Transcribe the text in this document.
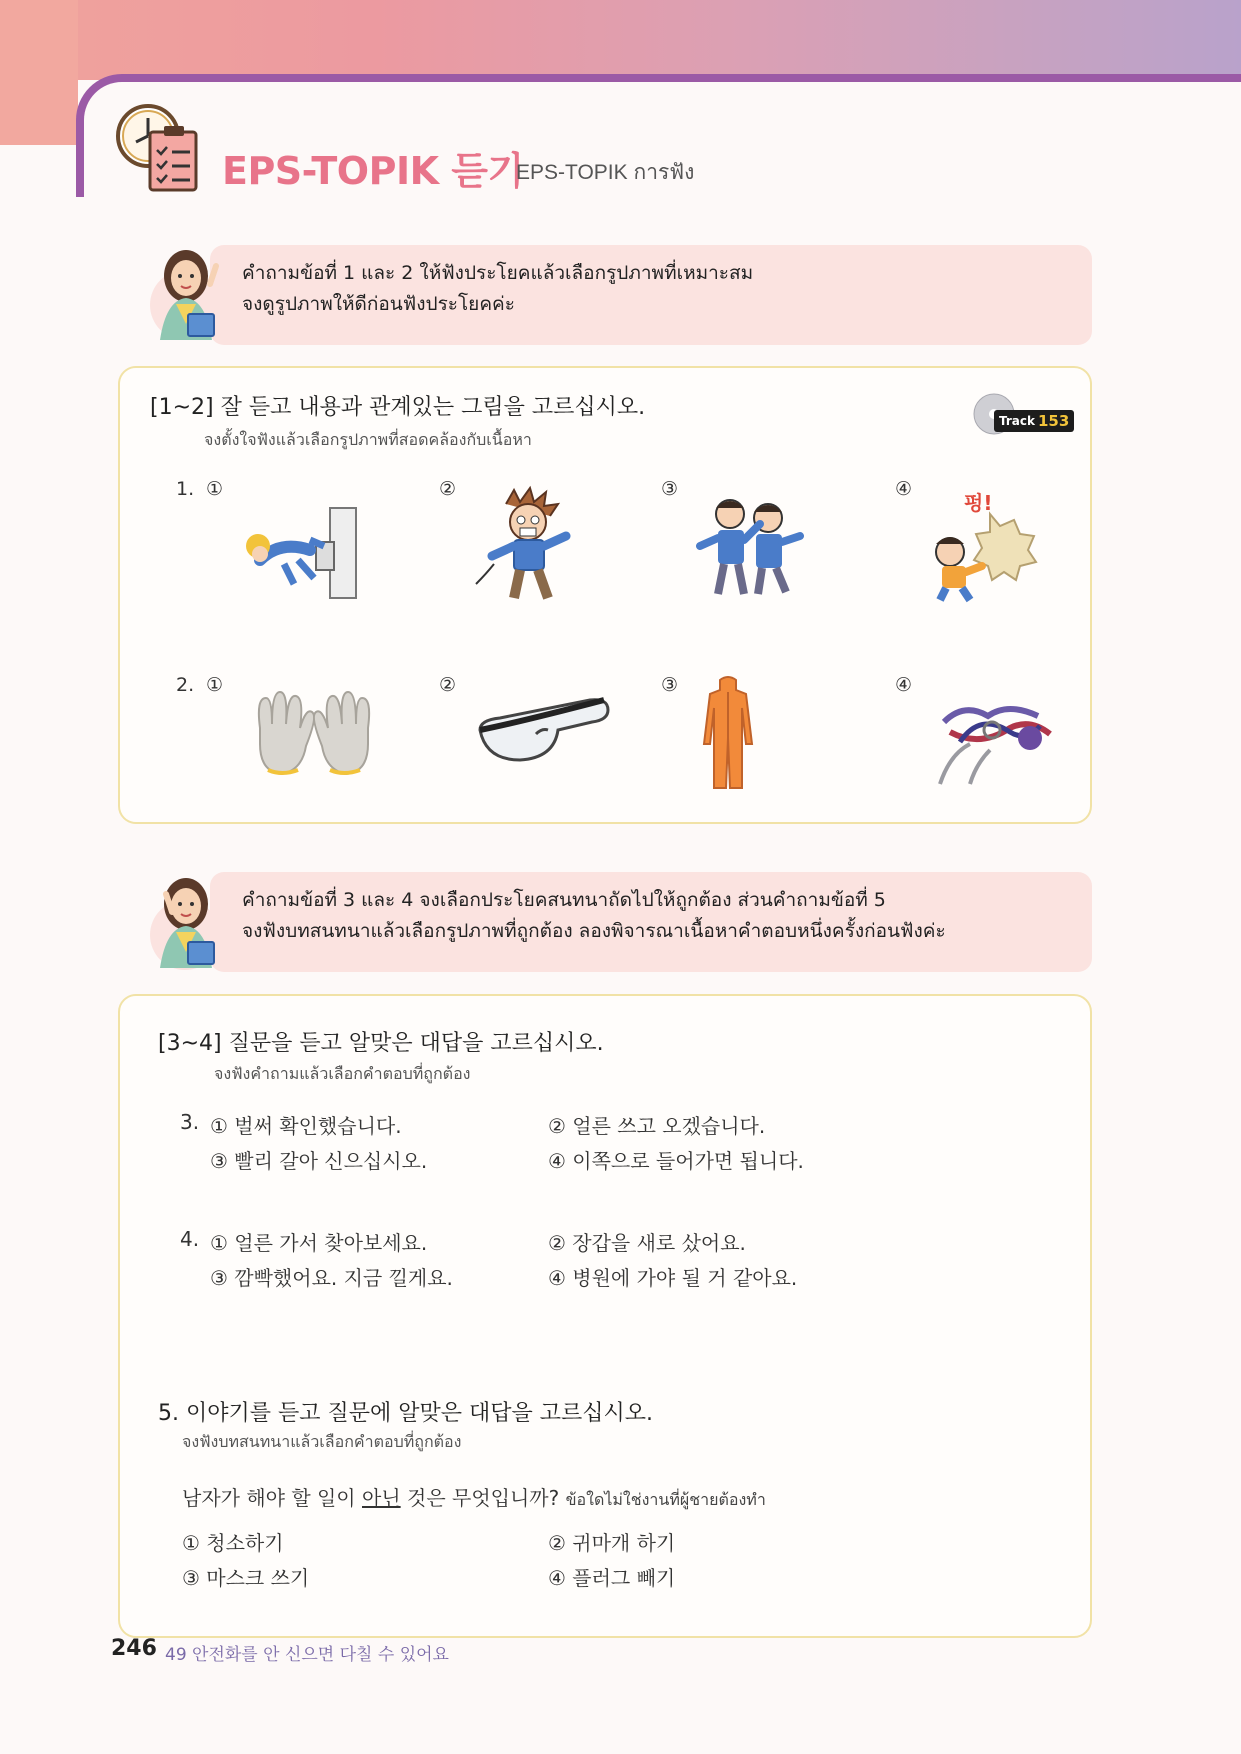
EPS-TOPIK 듣기
EPS-TOPIK การฟัง
คำถามข้อที่ 1 และ 2 ให้ฟังประโยคแล้วเลือกรูปภาพที่เหมาะสม
จงดูรูปภาพให้ดีก่อนฟังประโยคค่ะ
[1~2] 잘 듣고 내용과 관계있는 그림을 고르십시오.
จงตั้งใจฟังแล้วเลือกรูปภาพที่สอดคล้องกับเนื้อหา
Track 153
1. ①	②	③	④
펑!
2. ①	②	③	④
คำถามข้อที่ 3 และ 4 จงเลือกประโยคสนทนาถัดไปให้ถูกต้อง ส่วนคำถามข้อที่ 5
จงฟังบทสนทนาแล้วเลือกรูปภาพที่ถูกต้อง ลองพิจารณาเนื้อหาคำตอบหนึ่งครั้งก่อนฟังค่ะ
[3~4] 질문을 듣고 알맞은 대답을 고르십시오.
จงฟังคำถามแล้วเลือกคำตอบที่ถูกต้อง
3. ① 벌써 확인했습니다.	② 얼른 쓰고 오겠습니다.
③ 빨리 갈아 신으십시오.	④ 이쪽으로 들어가면 됩니다.
4. ① 얼른 가서 찾아보세요.	② 장갑을 새로 샀어요.
③ 깜빡했어요. 지금 낄게요.	④ 병원에 가야 될 거 같아요.
5. 이야기를 듣고 질문에 알맞은 대답을 고르십시오.
จงฟังบทสนทนาแล้วเลือกคำตอบที่ถูกต้อง
남자가 해야 할 일이 아닌 것은 무엇입니까? ข้อใดไม่ใช่งานที่ผู้ชายต้องทำ
① 청소하기	② 귀마개 하기
③ 마스크 쓰기	④ 플러그 빼기
246 49 안전화를 안 신으면 다칠 수 있어요
